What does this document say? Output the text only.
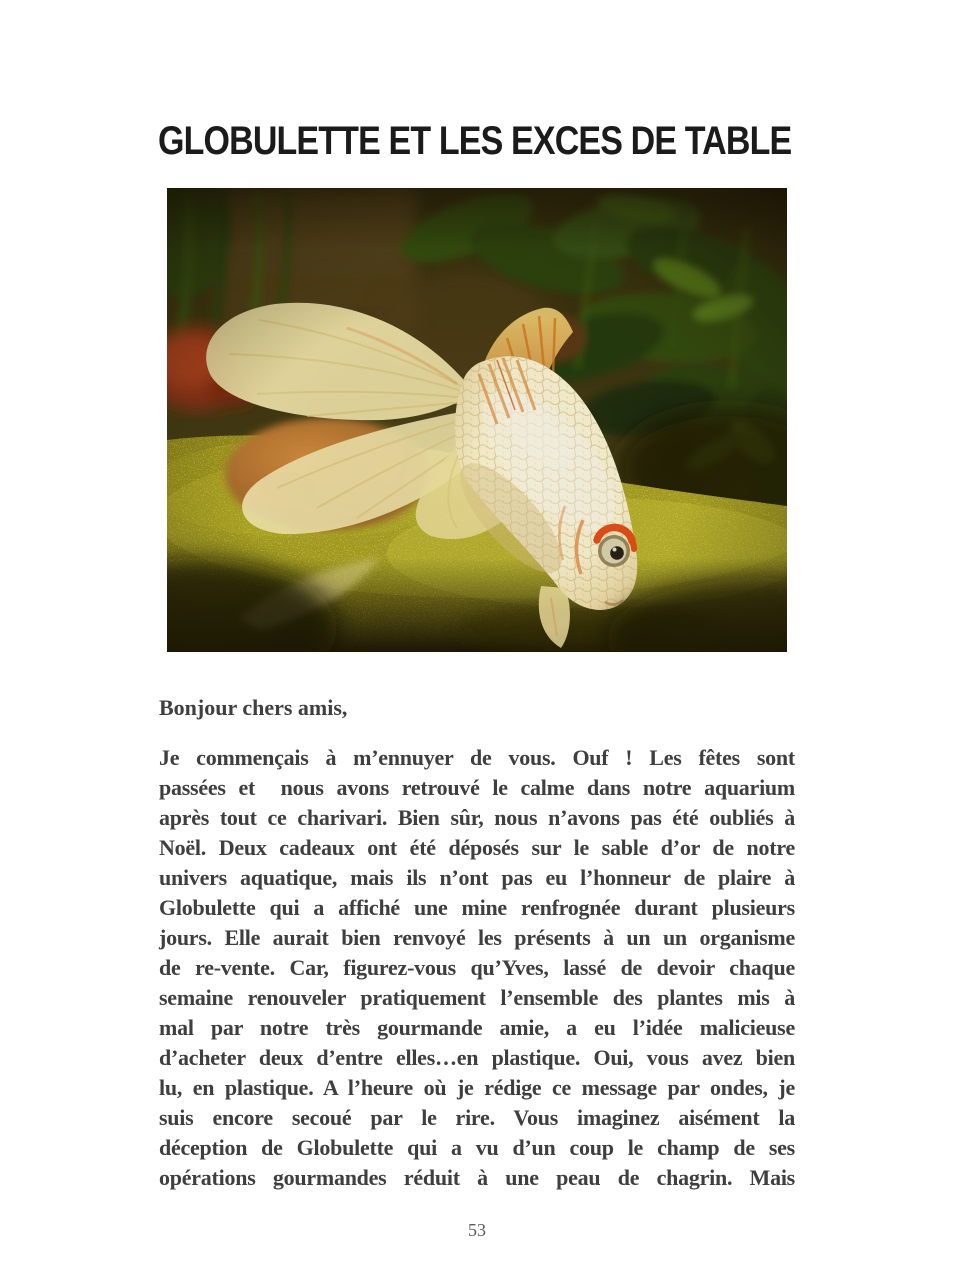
GLOBULETTE ET LES EXCES DE TABLE

Bonjour chers amis,

Je commençais à m’ennuyer de vous. Ouf ! Les fêtes sont
passées et  nous avons retrouvé le calme dans notre aquarium
après tout ce charivari. Bien sûr, nous n’avons pas été oubliés à
Noël. Deux cadeaux ont été déposés sur le sable d’or de notre
univers aquatique, mais ils n’ont pas eu l’honneur de plaire à
Globulette qui a affiché une mine renfrognée durant plusieurs
jours. Elle aurait bien renvoyé les présents à un un organisme
de re-vente. Car, figurez-vous qu’Yves, lassé de devoir chaque
semaine renouveler pratiquement l’ensemble des plantes mis à
mal par notre très gourmande amie, a eu l’idée malicieuse
d’acheter deux d’entre elles…en plastique. Oui, vous avez bien
lu, en plastique. A l’heure où je rédige ce message par ondes, je
suis encore secoué par le rire. Vous imaginez aisément la
déception de Globulette qui a vu d’un coup le champ de ses
opérations gourmandes réduit à une peau de chagrin. Mais
53
